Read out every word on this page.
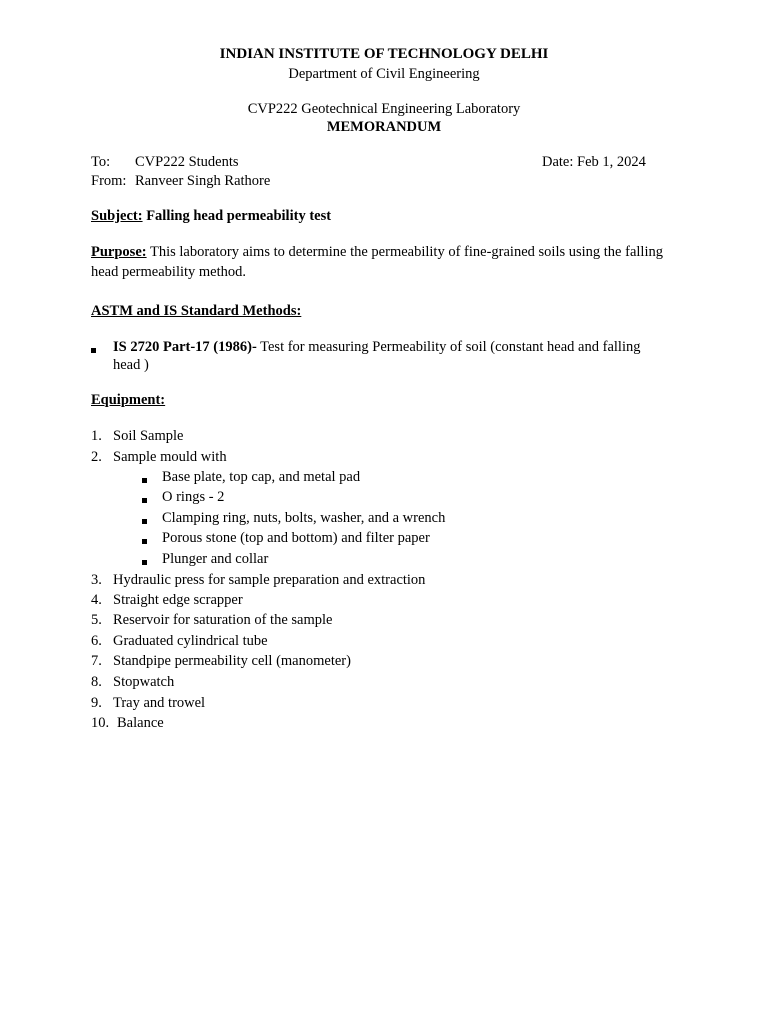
INDIAN INSTITUTE OF TECHNOLOGY DELHI
Department of Civil Engineering
CVP222 Geotechnical Engineering Laboratory
MEMORANDUM
To: CVP222 Students	Date: Feb 1, 2024
From: Ranveer Singh Rathore
Subject: Falling head permeability test
Purpose: This laboratory aims to determine the permeability of fine-grained soils using the falling
head permeability method.
ASTM and IS Standard Methods:
IS 2720 Part-17 (1986)- Test for measuring Permeability of soil (constant head and falling
head )
Equipment:
1. Soil Sample
2. Sample mould with
Base plate, top cap, and metal pad
O rings - 2
Clamping ring, nuts, bolts, washer, and a wrench
Porous stone (top and bottom) and filter paper
Plunger and collar
3. Hydraulic press for sample preparation and extraction
4. Straight edge scrapper
5. Reservoir for saturation of the sample
6. Graduated cylindrical tube
7. Standpipe permeability cell (manometer)
8. Stopwatch
9. Tray and trowel
10. Balance
